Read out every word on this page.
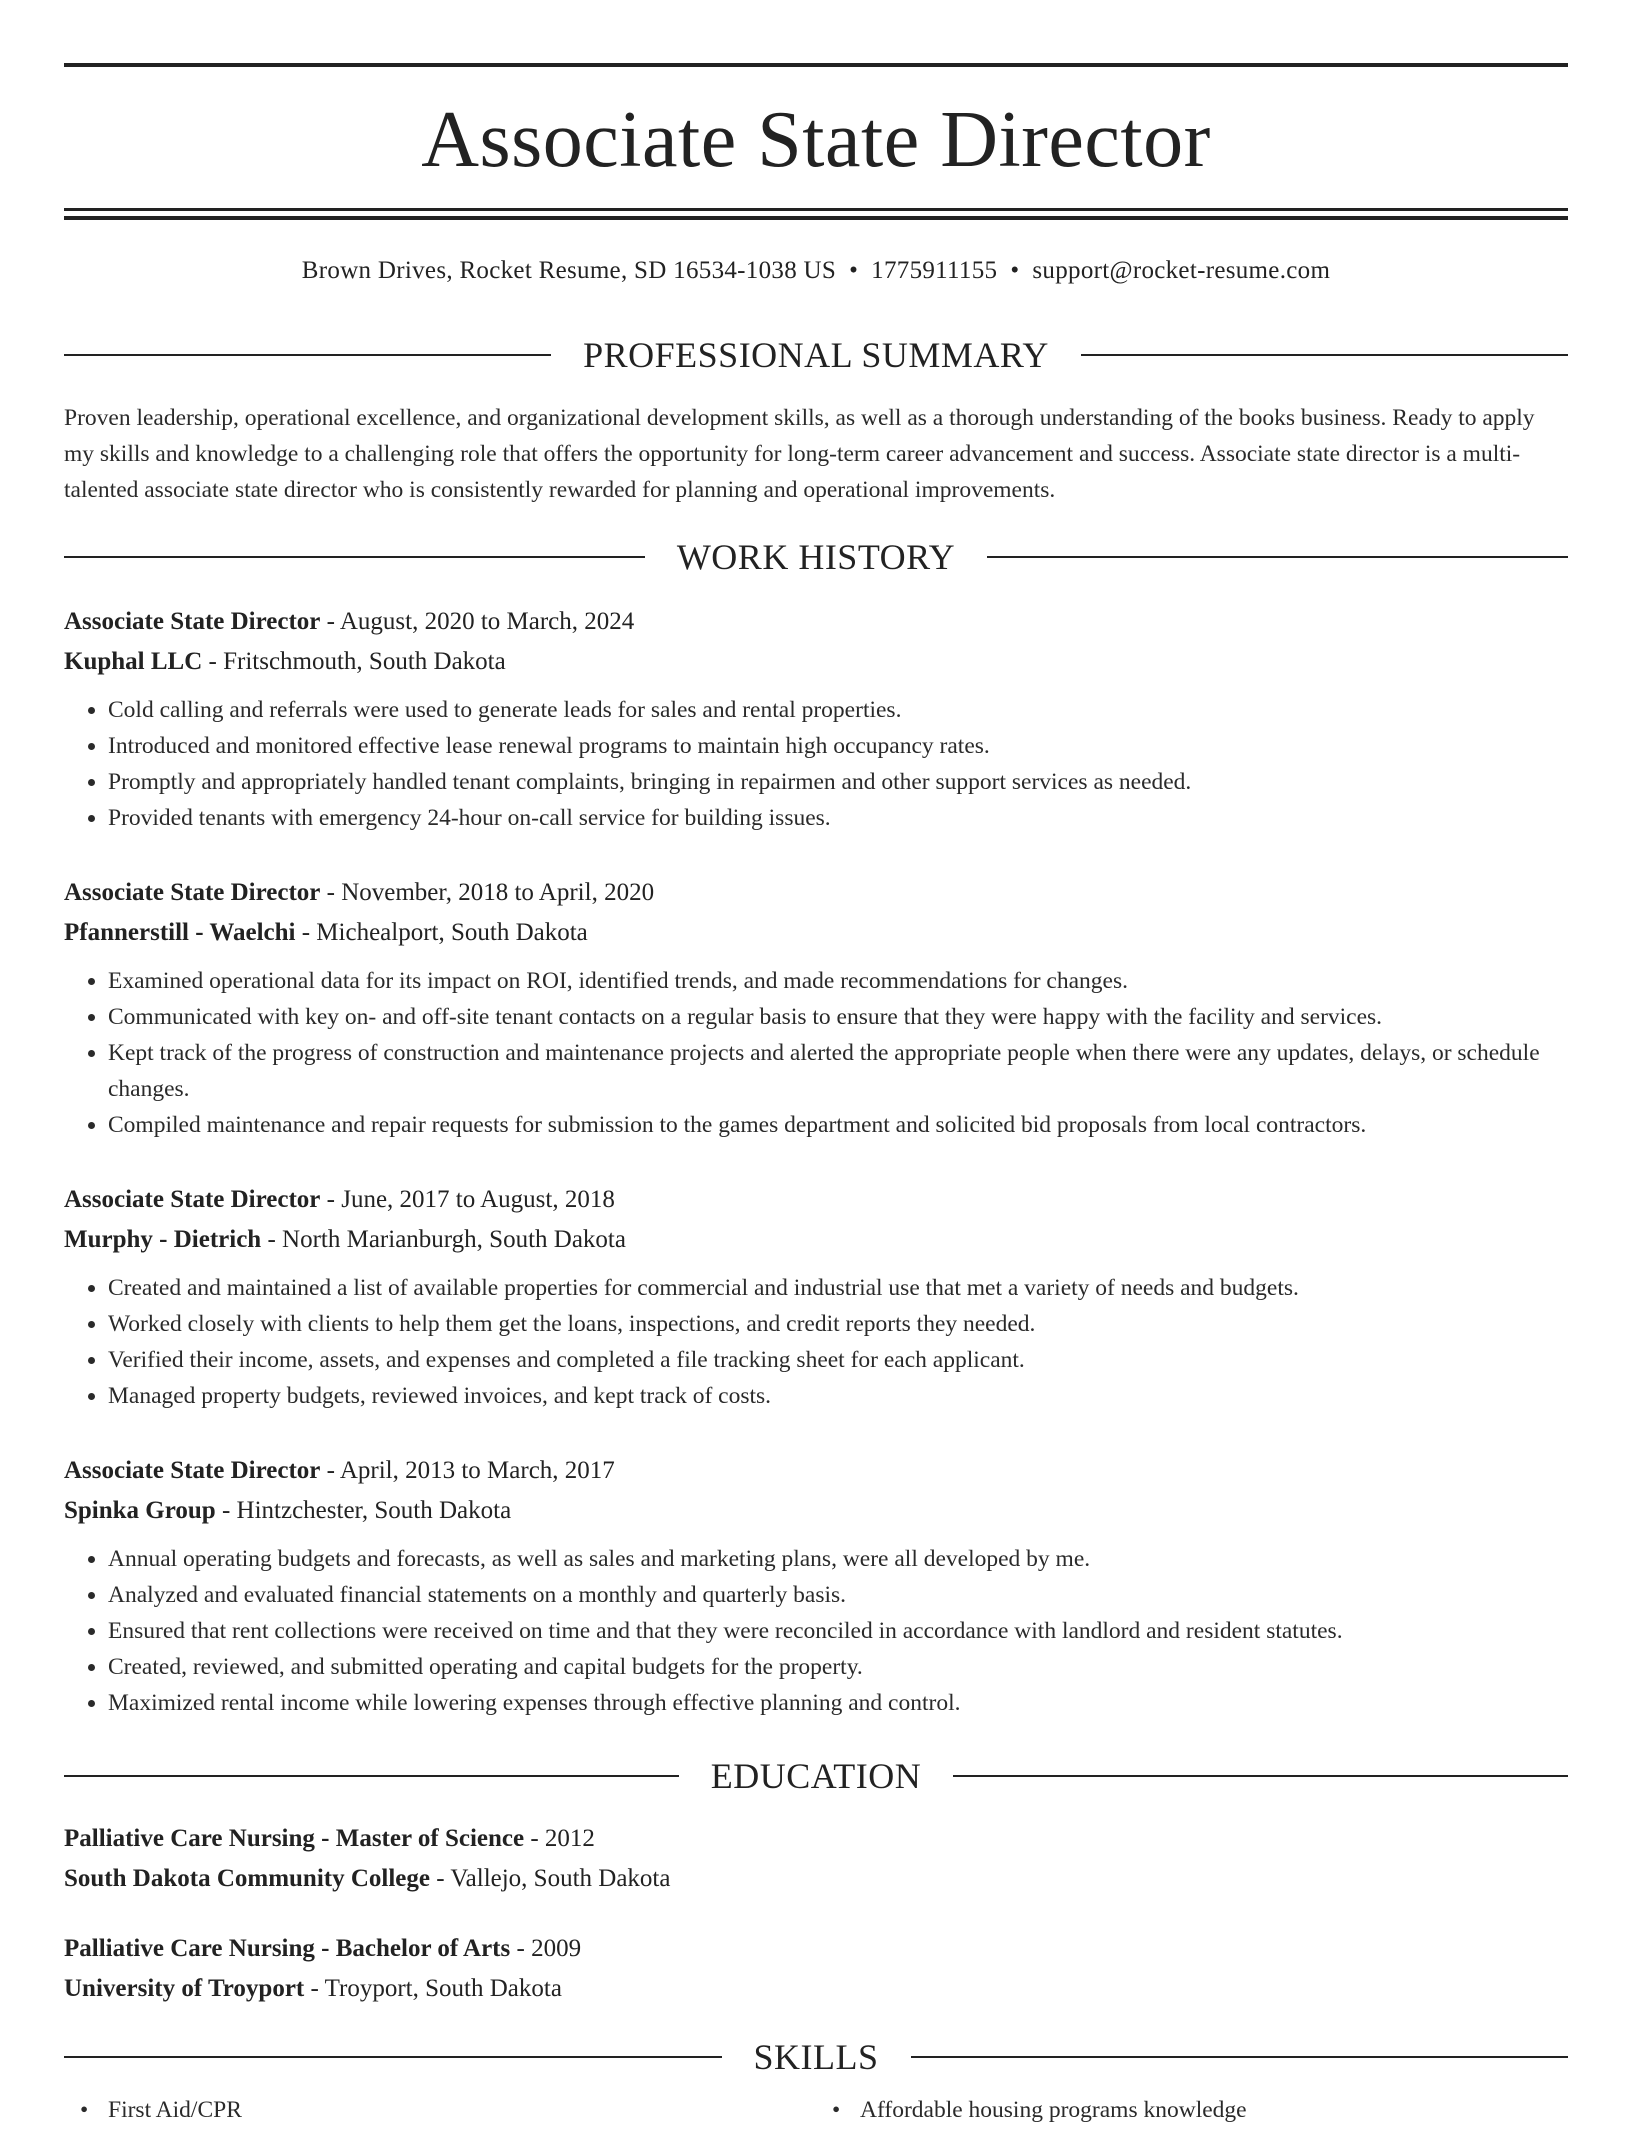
Associate State Director
Brown Drives, Rocket Resume, SD 16534-1038 US • 1775911155 • support@rocket-resume.com
PROFESSIONAL SUMMARY

Proven leadership, operational excellence, and organizational development skills, as well as a thorough understanding of the books business. Ready to apply my skills and knowledge to a challenging role that offers the opportunity for long-term career advancement and success. Associate state director is a multi-talented associate state director who is consistently rewarded for planning and operational improvements.

WORK HISTORY
Associate State Director - August, 2020 to March, 2024
Kuphal LLC - Fritschmouth, South Dakota
• Cold calling and referrals were used to generate leads for sales and rental properties.
• Introduced and monitored effective lease renewal programs to maintain high occupancy rates.
• Promptly and appropriately handled tenant complaints, bringing in repairmen and other support services as needed.
• Provided tenants with emergency 24-hour on-call service for building issues.
Associate State Director - November, 2018 to April, 2020
Pfannerstill - Waelchi - Michealport, South Dakota
• Examined operational data for its impact on ROI, identified trends, and made recommendations for changes.
• Communicated with key on- and off-site tenant contacts on a regular basis to ensure that they were happy with the facility and services.
• Kept track of the progress of construction and maintenance projects and alerted the appropriate people when there were any updates, delays, or schedule changes.
• Compiled maintenance and repair requests for submission to the games department and solicited bid proposals from local contractors.
Associate State Director - June, 2017 to August, 2018
Murphy - Dietrich - North Marianburgh, South Dakota
• Created and maintained a list of available properties for commercial and industrial use that met a variety of needs and budgets.
• Worked closely with clients to help them get the loans, inspections, and credit reports they needed.
• Verified their income, assets, and expenses and completed a file tracking sheet for each applicant.
• Managed property budgets, reviewed invoices, and kept track of costs.
Associate State Director - April, 2013 to March, 2017
Spinka Group - Hintzchester, South Dakota
• Annual operating budgets and forecasts, as well as sales and marketing plans, were all developed by me.
• Analyzed and evaluated financial statements on a monthly and quarterly basis.
• Ensured that rent collections were received on time and that they were reconciled in accordance with landlord and resident statutes.
• Created, reviewed, and submitted operating and capital budgets for the property.
• Maximized rental income while lowering expenses through effective planning and control.
EDUCATION
Palliative Care Nursing - Master of Science - 2012
South Dakota Community College - Vallejo, South Dakota
Palliative Care Nursing - Bachelor of Arts - 2009
University of Troyport - Troyport, South Dakota
SKILLS
• First Aid/CPR
•	Affordable housing programs knowledge
